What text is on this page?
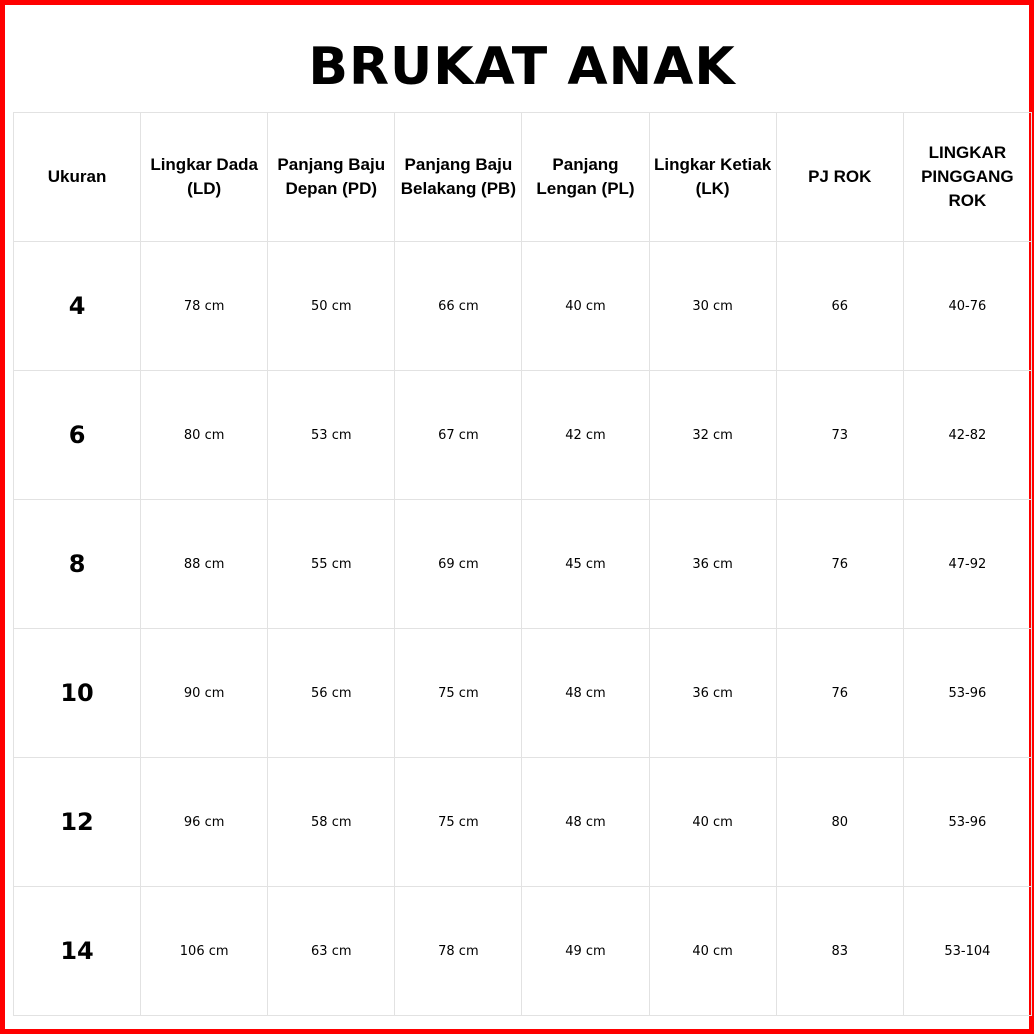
BRUKAT ANAK
Ukuran	Lingkar Dada (LD)	Panjang Baju Depan (PD)	Panjang Baju Belakang (PB)	Panjang Lengan (PL)	Lingkar Ketiak (LK)	PJ ROK	LINGKAR PINGGANG ROK
4	78 cm	50 cm	66 cm	40 cm	30 cm	66	40-76
6	80 cm	53 cm	67 cm	42 cm	32 cm	73	42-82
8	88 cm	55 cm	69 cm	45 cm	36 cm	76	47-92
10	90 cm	56 cm	75 cm	48 cm	36 cm	76	53-96
12	96 cm	58 cm	75 cm	48 cm	40 cm	80	53-96
14	106 cm	63 cm	78 cm	49 cm	40 cm	83	53-104
